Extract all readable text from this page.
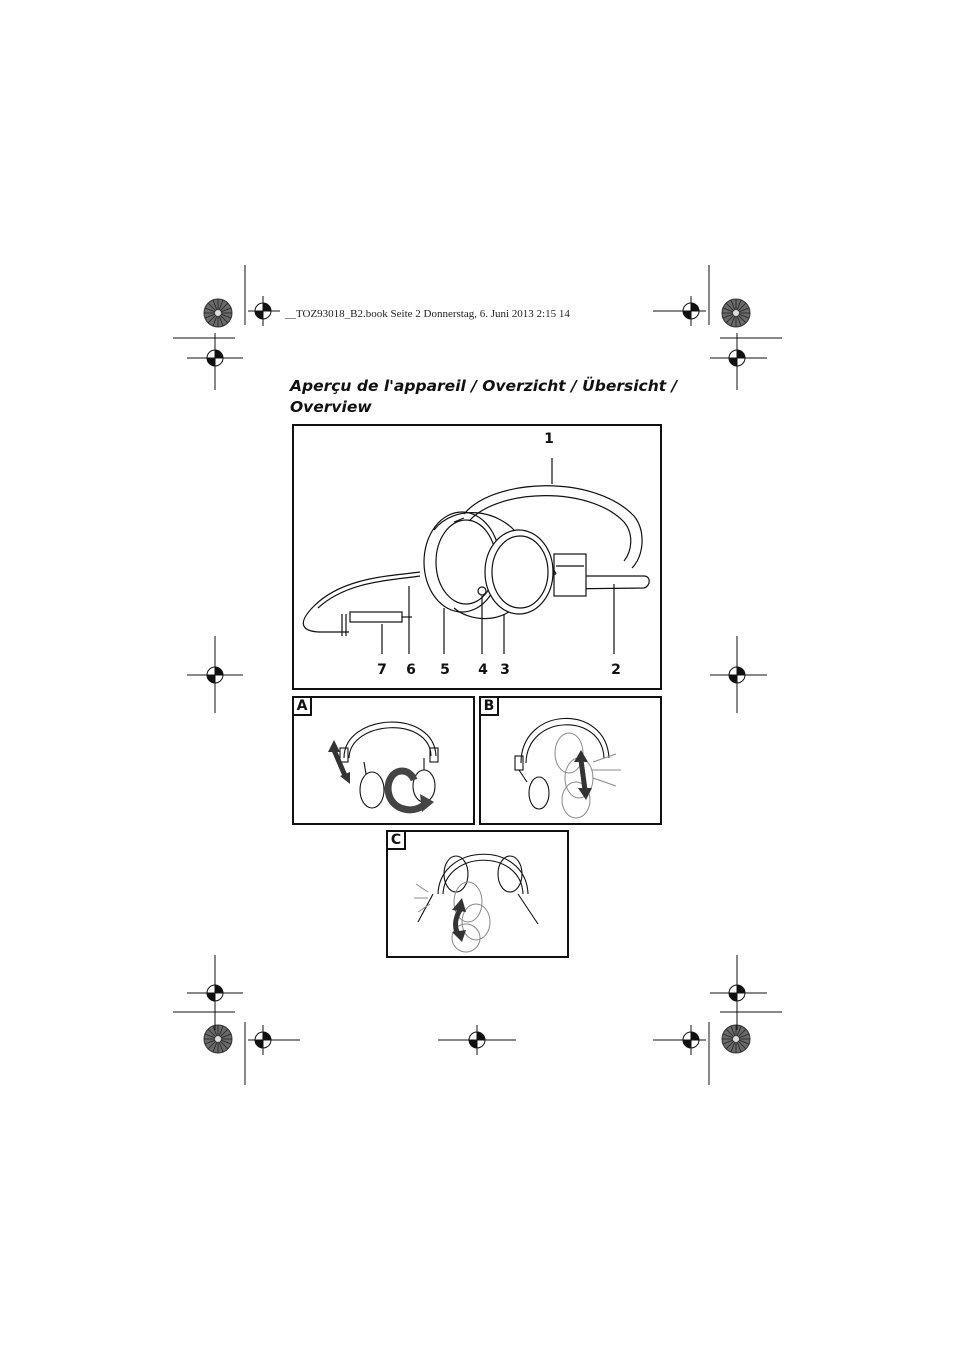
__TOZ93018_B2.book Seite 2 Donnerstag, 6. Juni 2013 2:15 14
Aperçu de l'appareil / Overzicht / Übersicht /
Overview
1
2
3
4
5
6
7
A	B
C
